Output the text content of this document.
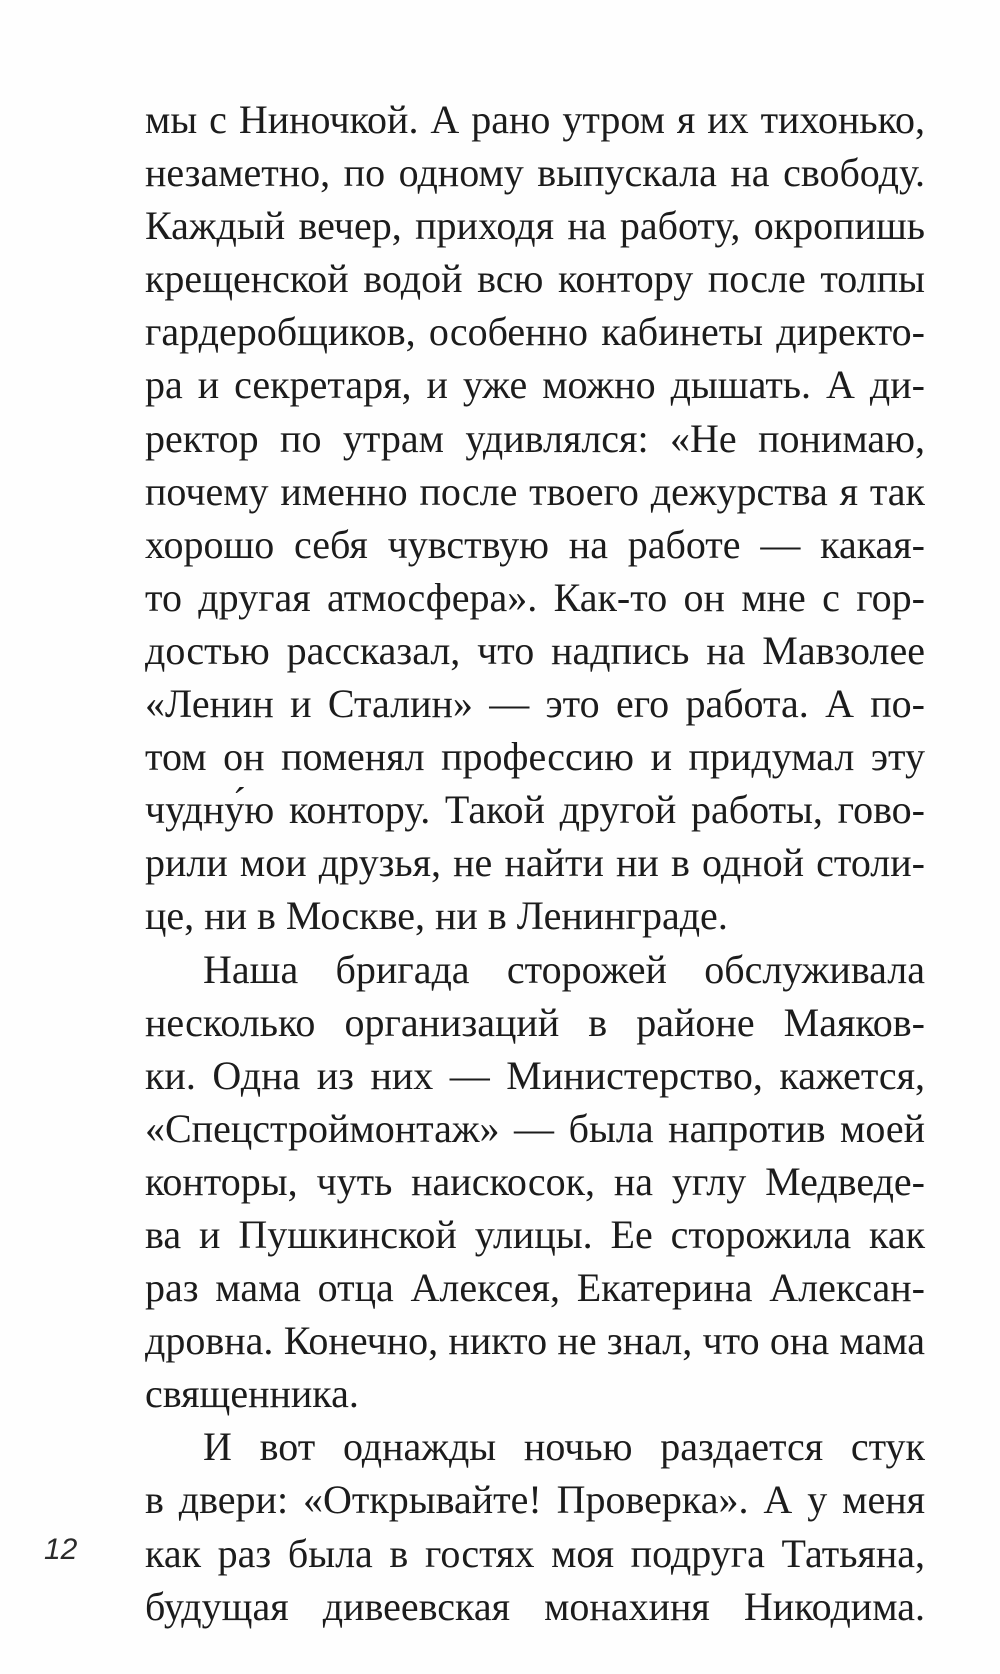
мы с Ниночкой. А рано утром я их тихонько,
незаметно, по одному выпускала на свободу.
Каждый вечер, приходя на работу, окропишь
крещенской водой всю контору после толпы
гардеробщиков, особенно кабинеты директо-
ра и секретаря, и уже можно дышать. А ди-
ректор по утрам удивлялся: «Не понимаю,
почему именно после твоего дежурства я так
хорошо себя чувствую на работе — какая-
то другая атмосфера». Как-то он мне с гор-
достью рассказал, что надпись на Мавзолее
«Ленин и Сталин» — это его работа. А по-
том он поменял профессию и придумал эту
чудну́ю контору. Такой другой работы, гово-
рили мои друзья, не найти ни в одной столи-
це, ни в Москве, ни в Ленинграде.
Наша бригада сторожей обслуживала
несколько организаций в районе Маяков-
ки. Одна из них — Министерство, кажется,
«Спецстроймонтаж» — была напротив моей
конторы, чуть наискосок, на углу Медведе-
ва и Пушкинской улицы. Ее сторожила как
раз мама отца Алексея, Екатерина Алексан-
дровна. Конечно, никто не знал, что она мама
священника.
И вот однажды ночью раздается стук
в двери: «Открывайте! Проверка». А у меня
как раз была в гостях моя подруга Татьяна,
будущая дивеевская монахиня Никодима.
12
